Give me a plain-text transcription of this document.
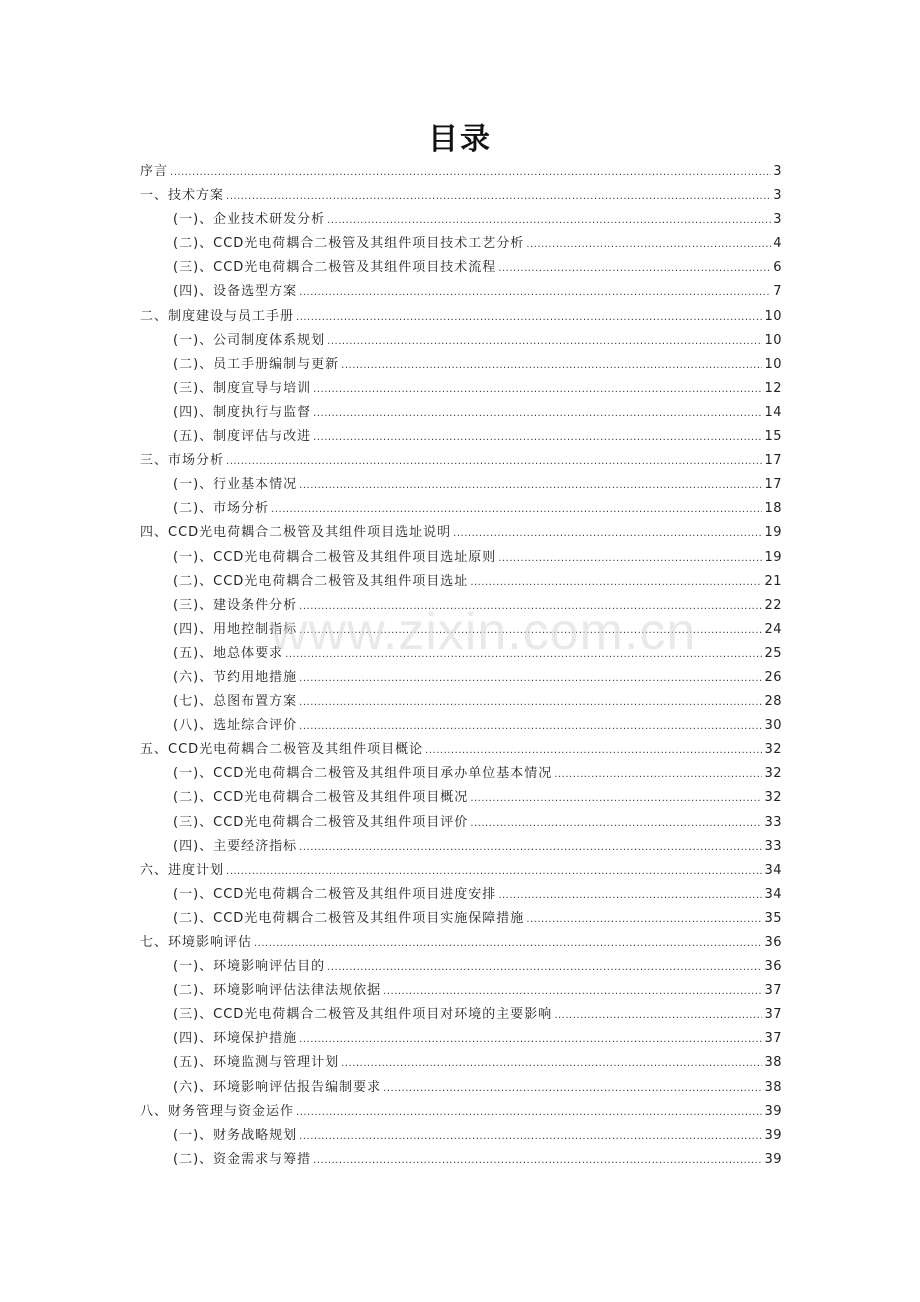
目录
序言 .....	3
一、技术方案 .....	3
(一)、企业技术研发分析 .....	3
(二)、CCD光电荷耦合二极管及其组件项目技术工艺分析 .....	4
(三)、CCD光电荷耦合二极管及其组件项目技术流程 .....	6
(四)、设备选型方案 .....	7
二、制度建设与员工手册 .....	10
(一)、公司制度体系规划 .....	10
(二)、员工手册编制与更新 .....	10
(三)、制度宣导与培训 .....	12
(四)、制度执行与监督 .....	14
(五)、制度评估与改进 .....	15
三、市场分析 .....	17
(一)、行业基本情况 .....	17
(二)、市场分析 .....	18
四、CCD光电荷耦合二极管及其组件项目选址说明 .....	19
(一)、CCD光电荷耦合二极管及其组件项目选址原则 .....	19
(二)、CCD光电荷耦合二极管及其组件项目选址 .....	21
(三)、建设条件分析 .....	22
(四)、用地控制指标 .....	24
(五)、地总体要求 .....	25
(六)、节约用地措施 .....	26
(七)、总图布置方案 .....	28
(八)、选址综合评价 .....	30
五、CCD光电荷耦合二极管及其组件项目概论 .....	32
(一)、CCD光电荷耦合二极管及其组件项目承办单位基本情况 .....	32
(二)、CCD光电荷耦合二极管及其组件项目概况 .....	32
(三)、CCD光电荷耦合二极管及其组件项目评价 .....	33
(四)、主要经济指标 .....	33
六、进度计划 .....	34
(一)、CCD光电荷耦合二极管及其组件项目进度安排 .....	34
(二)、CCD光电荷耦合二极管及其组件项目实施保障措施 .....	35
七、环境影响评估 .....	36
(一)、环境影响评估目的 .....	36
(二)、环境影响评估法律法规依据 .....	37
(三)、CCD光电荷耦合二极管及其组件项目对环境的主要影响 .....	37
(四)、环境保护措施 .....	37
(五)、环境监测与管理计划 .....	38
(六)、环境影响评估报告编制要求 .....	38
八、财务管理与资金运作 .....	39
(一)、财务战略规划 .....	39
(二)、资金需求与筹措 .....	39
www.zixin.com.cn
